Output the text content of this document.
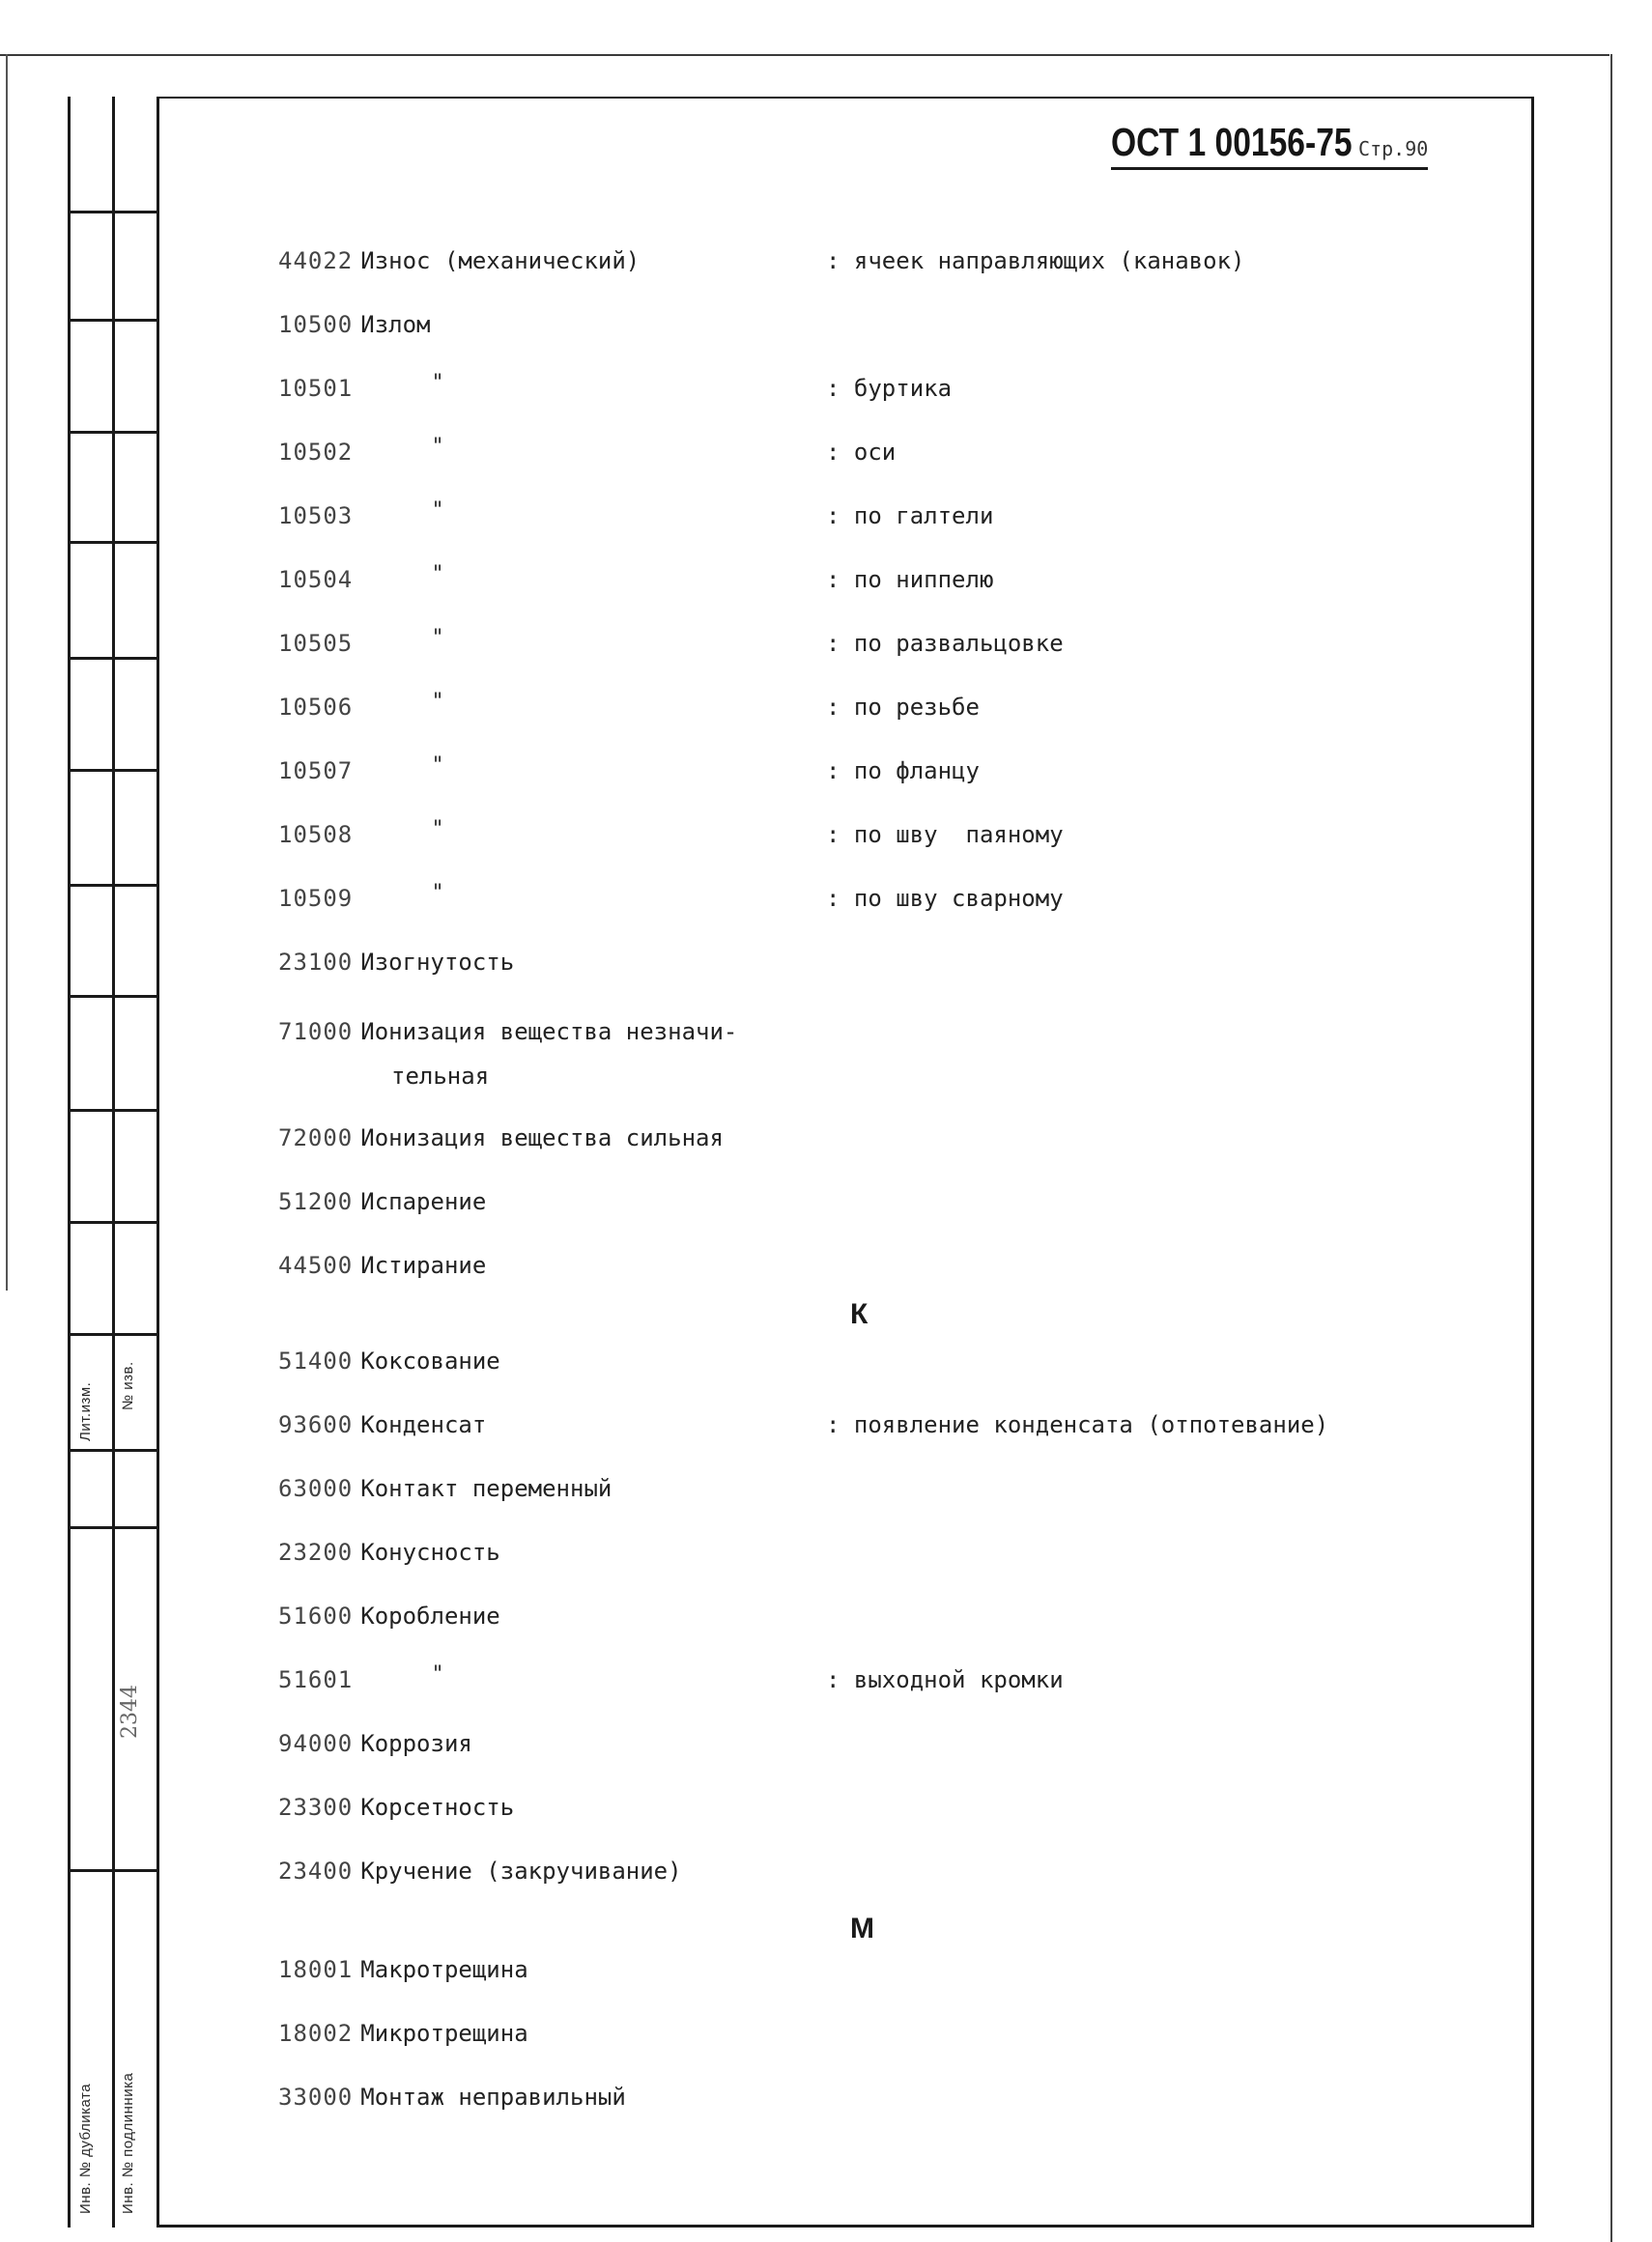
Лит.изм. № изв.
2344
Инв. № дубликата Инв. № подлинника
ОСТ 1 00156-75 Стр.90
44022 Износ (механический)	: ячеек направляющих (канавок)
10500 Излом
10501	"	: буртика
10502	"	: оси
10503	"	: по галтели
10504	"	: по ниппелю
10505	"	: по развальцовке
10506	"	: по резьбе
10507	"	: по фланцу
10508	"	: по шву  паяному
10509	"	: по шву сварному
23100 Изогнутость
71000 Ионизация вещества незначи-
тельная
72000 Ионизация вещества сильная
51200 Испарение
44500 Истирание
К
51400 Коксование
93600 Конденсат	: появление конденсата (отпотевание)
63000 Контакт переменный
23200 Конусность
51600 Коробление
51601	"	: выходной кромки
94000 Коррозия
23300 Корсетность
23400 Кручение (закручивание)
М
18001 Макротрещина
18002 Микротрещина
33000 Монтаж неправильный
